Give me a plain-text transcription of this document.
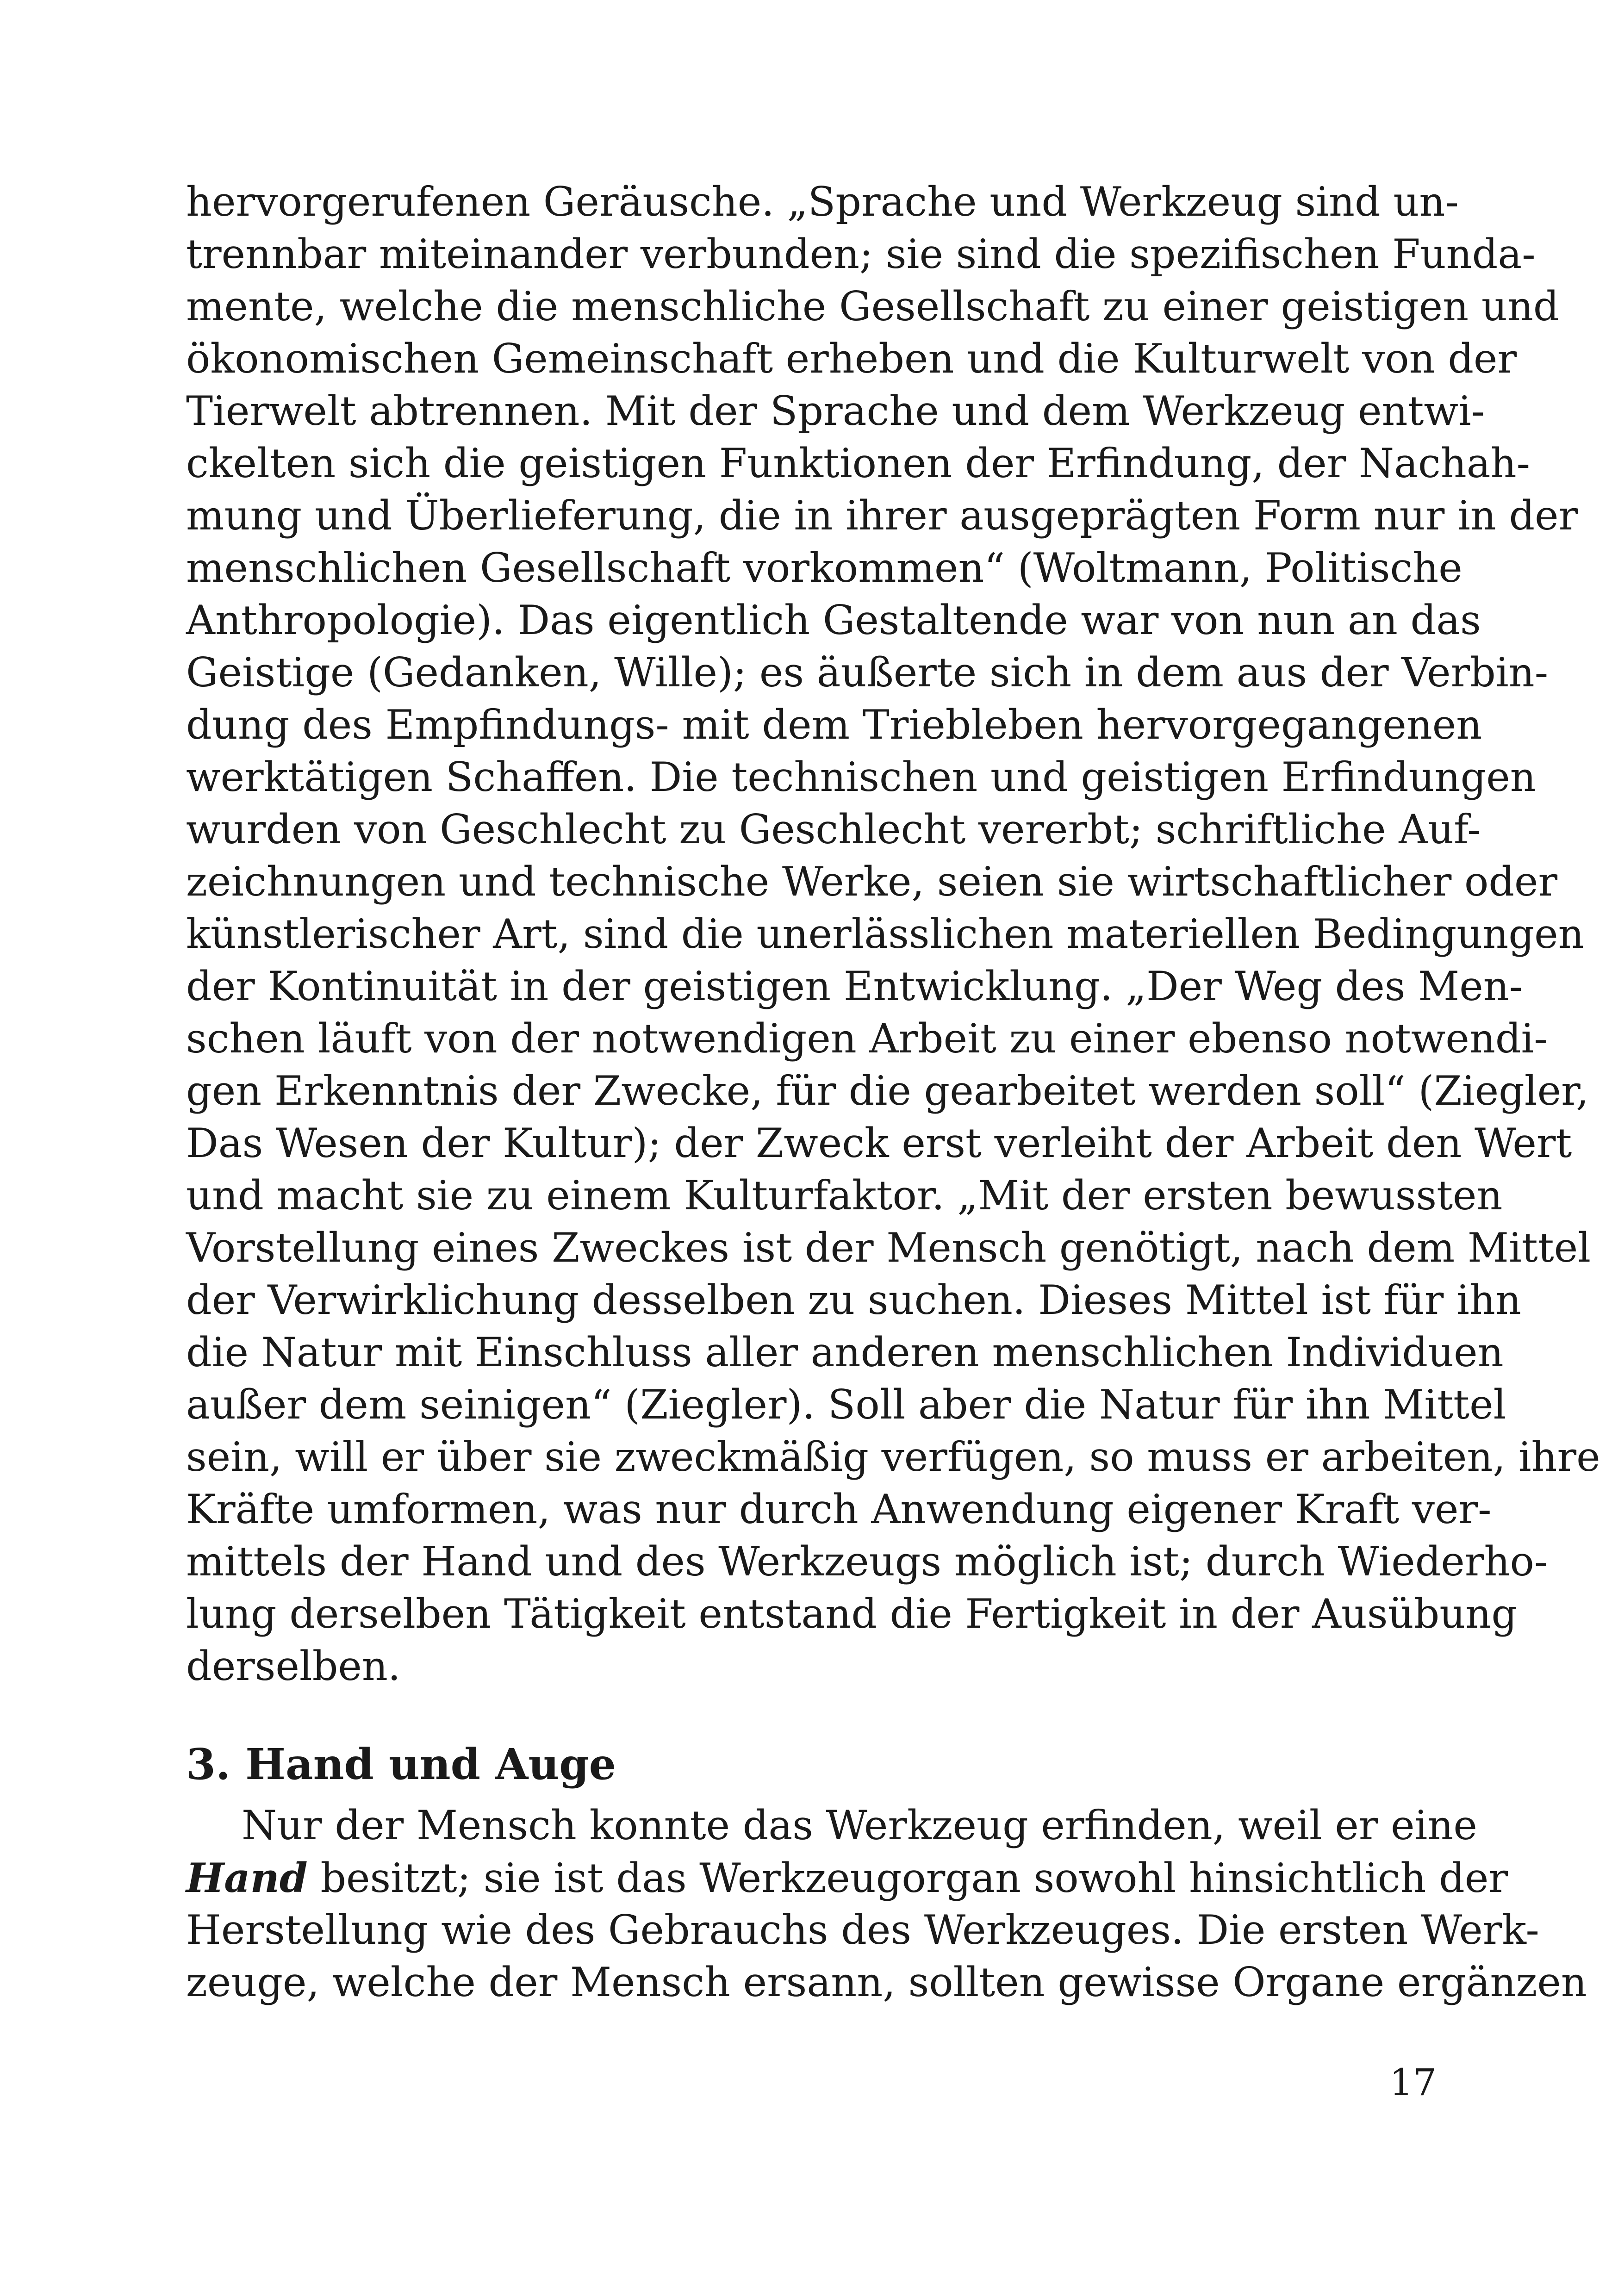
hervorgerufenen Geräusche. „Sprache und Werkzeug sind un-
trennbar miteinander verbunden; sie sind die spezifischen Funda-
mente, welche die menschliche Gesellschaft zu einer geistigen und
ökonomischen Gemeinschaft erheben und die Kulturwelt von der
Tierwelt abtrennen. Mit der Sprache und dem Werkzeug entwi-
ckelten sich die geistigen Funktionen der Erfindung, der Nachah-
mung und Überlieferung, die in ihrer ausgeprägten Form nur in der
menschlichen Gesellschaft vorkommen“ (Woltmann, Politische
Anthropologie). Das eigentlich Gestaltende war von nun an das
Geistige (Gedanken, Wille); es äußerte sich in dem aus der Verbin-
dung des Empfindungs- mit dem Triebleben hervorgegangenen
werktätigen Schaffen. Die technischen und geistigen Erfindungen
wurden von Geschlecht zu Geschlecht vererbt; schriftliche Auf-
zeichnungen und technische Werke, seien sie wirtschaftlicher oder
künstlerischer Art, sind die unerlässlichen materiellen Bedingungen
der Kontinuität in der geistigen Entwicklung. „Der Weg des Men-
schen läuft von der notwendigen Arbeit zu einer ebenso notwendi-
gen Erkenntnis der Zwecke, für die gearbeitet werden soll“ (Ziegler,
Das Wesen der Kultur); der Zweck erst verleiht der Arbeit den Wert
und macht sie zu einem Kulturfaktor. „Mit der ersten bewussten
Vorstellung eines Zweckes ist der Mensch genötigt, nach dem Mittel
der Verwirklichung desselben zu suchen. Dieses Mittel ist für ihn
die Natur mit Einschluss aller anderen menschlichen Individuen
außer dem seinigen“ (Ziegler). Soll aber die Natur für ihn Mittel
sein, will er über sie zweckmäßig verfügen, so muss er arbeiten, ihre
Kräfte umformen, was nur durch Anwendung eigener Kraft ver-
mittels der Hand und des Werkzeugs möglich ist; durch Wiederho-
lung derselben Tätigkeit entstand die Fertigkeit in der Ausübung
derselben.
3. Hand und Auge
Nur der Mensch konnte das Werkzeug erfinden, weil er eine
Hand besitzt; sie ist das Werkzeugorgan sowohl hinsichtlich der
Herstellung wie des Gebrauchs des Werkzeuges. Die ersten Werk-
zeuge, welche der Mensch ersann, sollten gewisse Organe ergänzen
17
